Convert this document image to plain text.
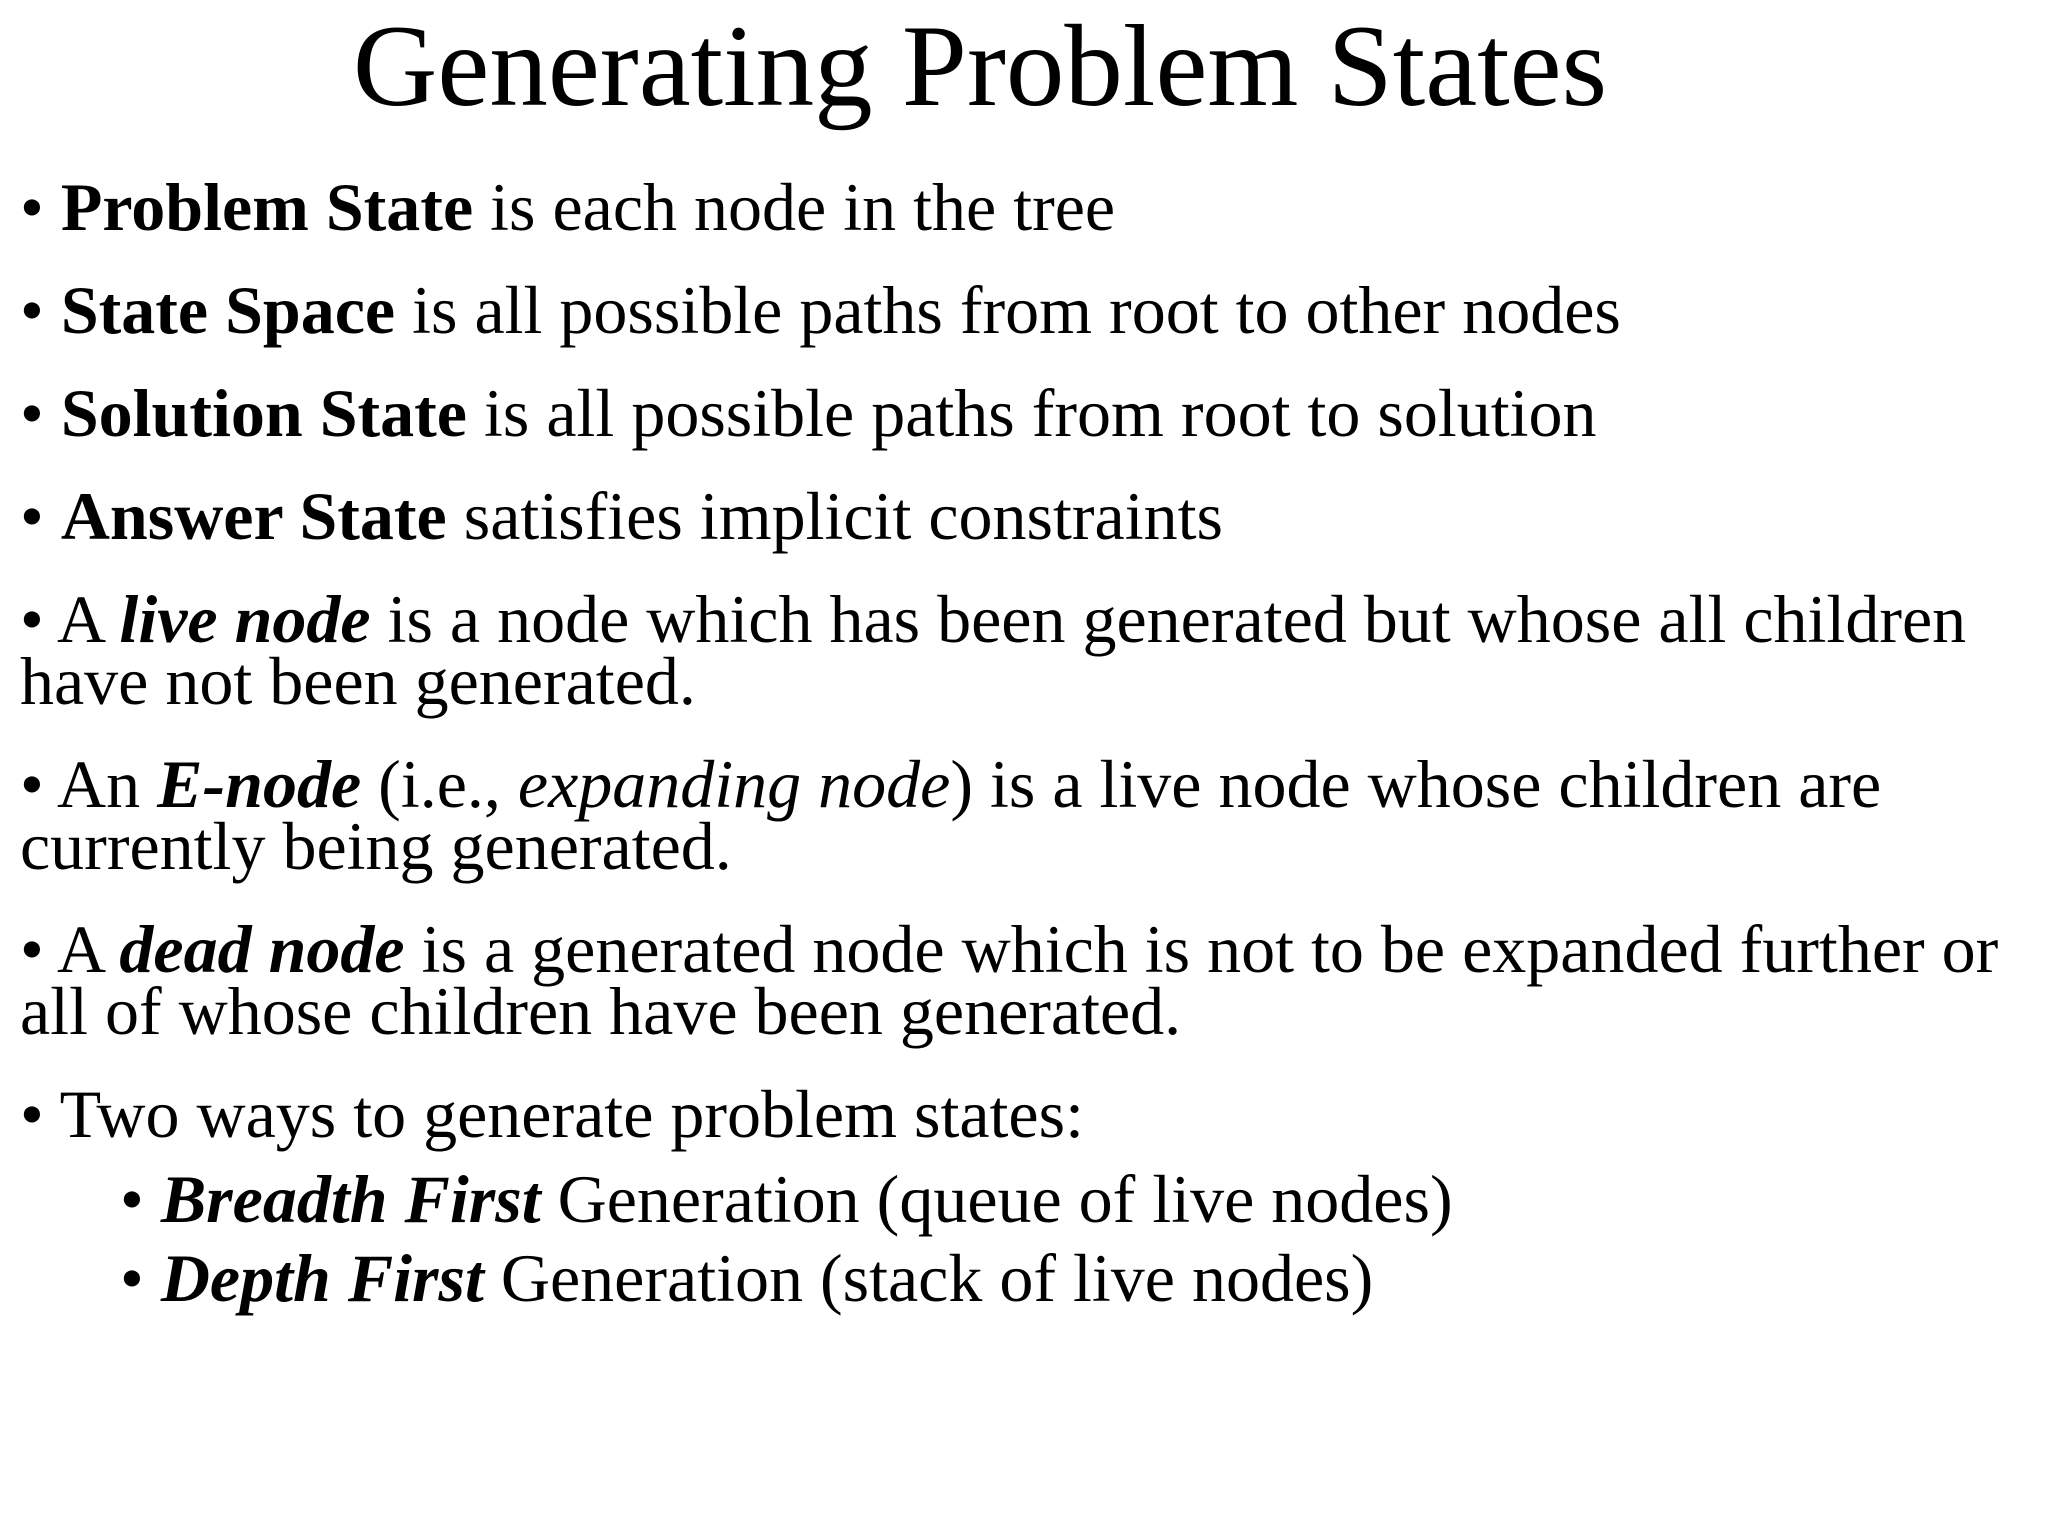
Generating Problem States
• Problem State is each node in the tree
• State Space is all possible paths from root to other nodes
• Solution State is all possible paths from root to solution
• Answer State satisfies implicit constraints
• A live node is a node which has been generated but whose all children
have not been generated.
• An E-node (i.e., expanding node) is a live node whose children are
currently being generated.
• A dead node is a generated node which is not to be expanded further or
all of whose children have been generated.
• Two ways to generate problem states:
• Breadth First Generation (queue of live nodes)
• Depth First Generation (stack of live nodes)
